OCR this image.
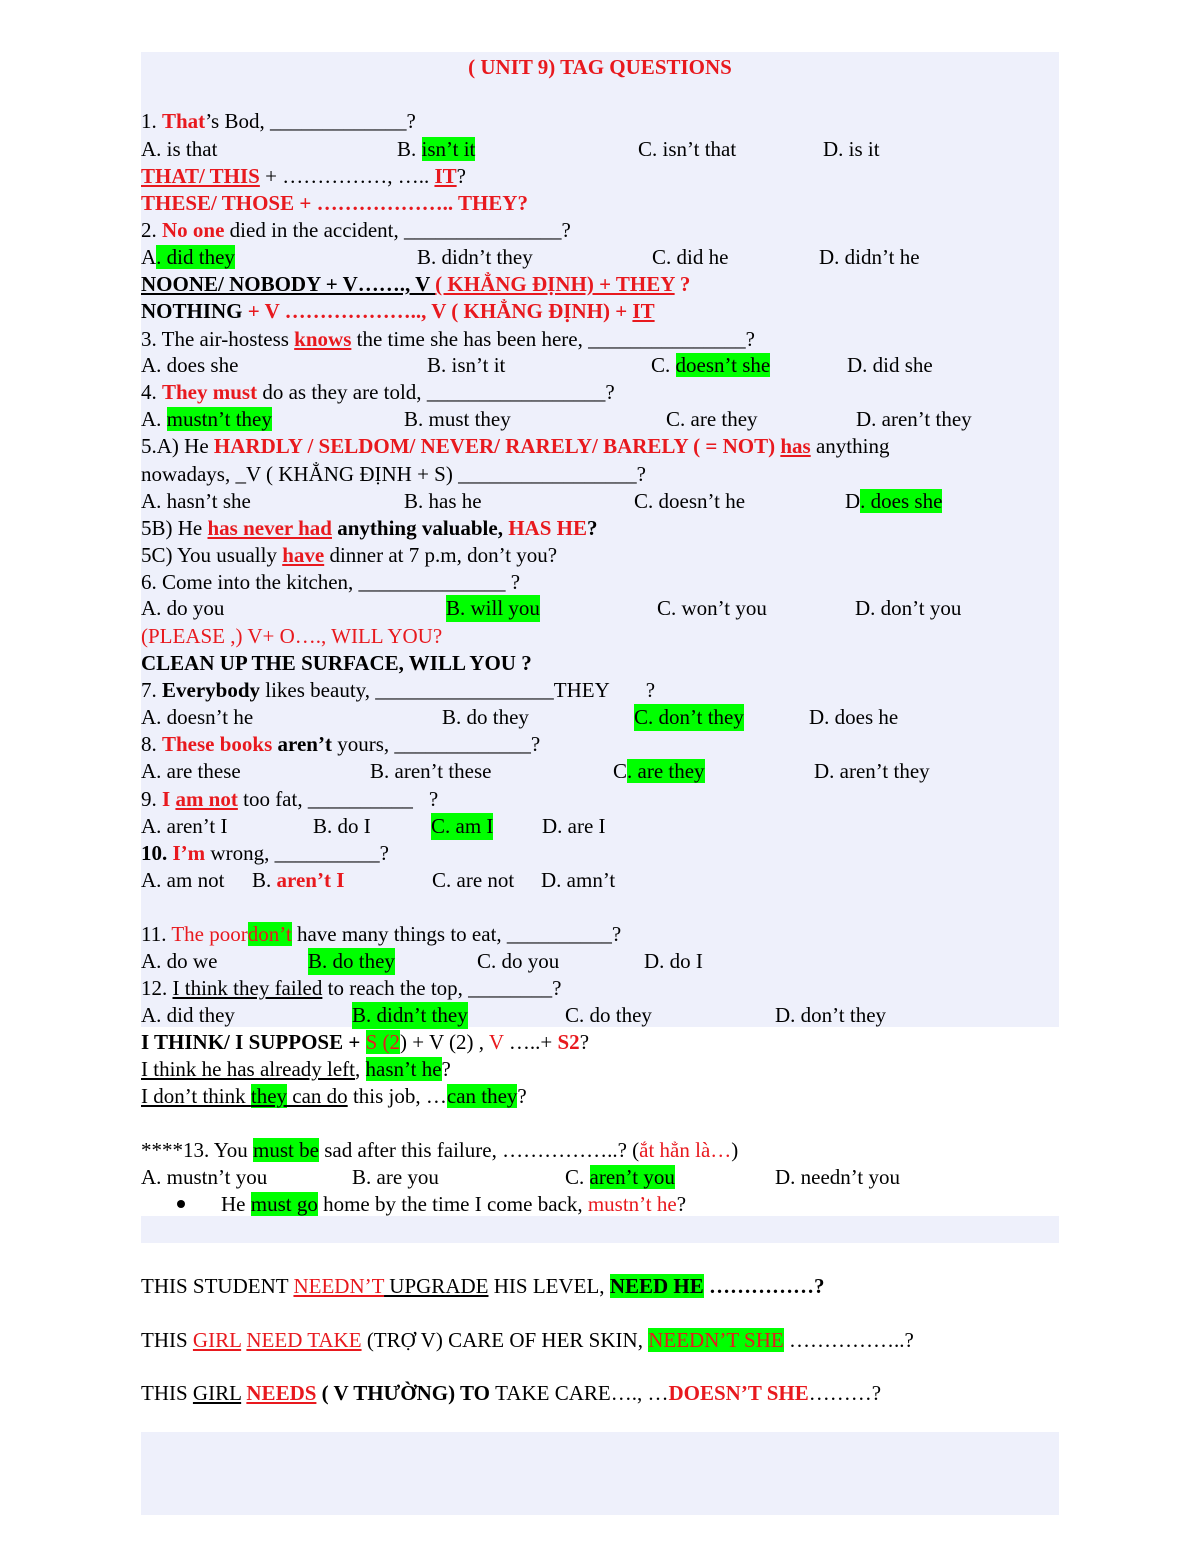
( UNIT 9) TAG QUESTIONS
1. That’s Bod, _____________?
A. is that	B. isn’t it	C. isn’t that	D. is it
THAT/ THIS + ……………, ….. IT?
THESE/ THOSE + ……………….. THEY?
2. No one died in the accident, _______________?
A. did they	B. didn’t they	C. did he	D. didn’t he
NOONE/ NOBODY + V……., V ( KHẲNG ĐỊNH) + THEY ?
NOTHING + V ……………….., V ( KHẲNG ĐỊNH) + IT
3. The air-hostess knows the time she has been here, _______________?
A. does she	B. isn’t it	C. doesn’t she	D. did she
4. They must do as they are told, _________________?
A. mustn’t they	B. must they	C. are they	D. aren’t they
5.A) He HARDLY / SELDOM/ NEVER/ RARELY/ BARELY ( = NOT) has anything
nowadays, _V ( KHẲNG ĐỊNH + S) _________________?
A. hasn’t she	B. has he	C. doesn’t he	D. does she
5B) He has never had anything valuable, HAS HE?
5C) You usually have dinner at 7 p.m, don’t you?
6. Come into the kitchen, ______________ ?
A. do you	B. will you	C. won’t you	D. don’t you
(PLEASE ,) V+ O…., WILL YOU?
CLEAN UP THE SURFACE, WILL YOU ?
7. Everybody likes beauty, _________________THEY ?
A. doesn’t he	B. do they	C. don’t they	D. does he
8. These books aren’t yours, _____________?
A. are these	B. aren’t these	C. are they	D. aren’t they
9. I am not too fat, __________ ?
A. aren’t I	B. do I	C. am I D. are I
10. I’m wrong, __________?
A. am not B. aren’t I	C. are not D. amn’t
11. The poordon’t have many things to eat, __________?
A. do we	B. do they	C. do you	D. do I
12. I think they failed to reach the top, ________?
A. did they	B. didn’t they	C. do they	D. don’t they
I THINK/ I SUPPOSE + S (2) + V (2) , V …..+ S2?
I think he has already left, hasn’t he?
I don’t think they can do this job, …can they?
****13. You must be sad after this failure, ……………..? (ắt hẳn là…)
A. mustn’t you	B. are you	C. aren’t you	D. needn’t you
He must go home by the time I come back, mustn’t he?
THIS STUDENT NEEDN’T UPGRADE HIS LEVEL, NEED HE ……………?
THIS GIRL NEED TAKE (TRỢ V) CARE OF HER SKIN, NEEDN’T SHE ……………..?
THIS GIRL NEEDS ( V THƯỜNG) TO TAKE CARE…., …DOESN’T SHE………?
